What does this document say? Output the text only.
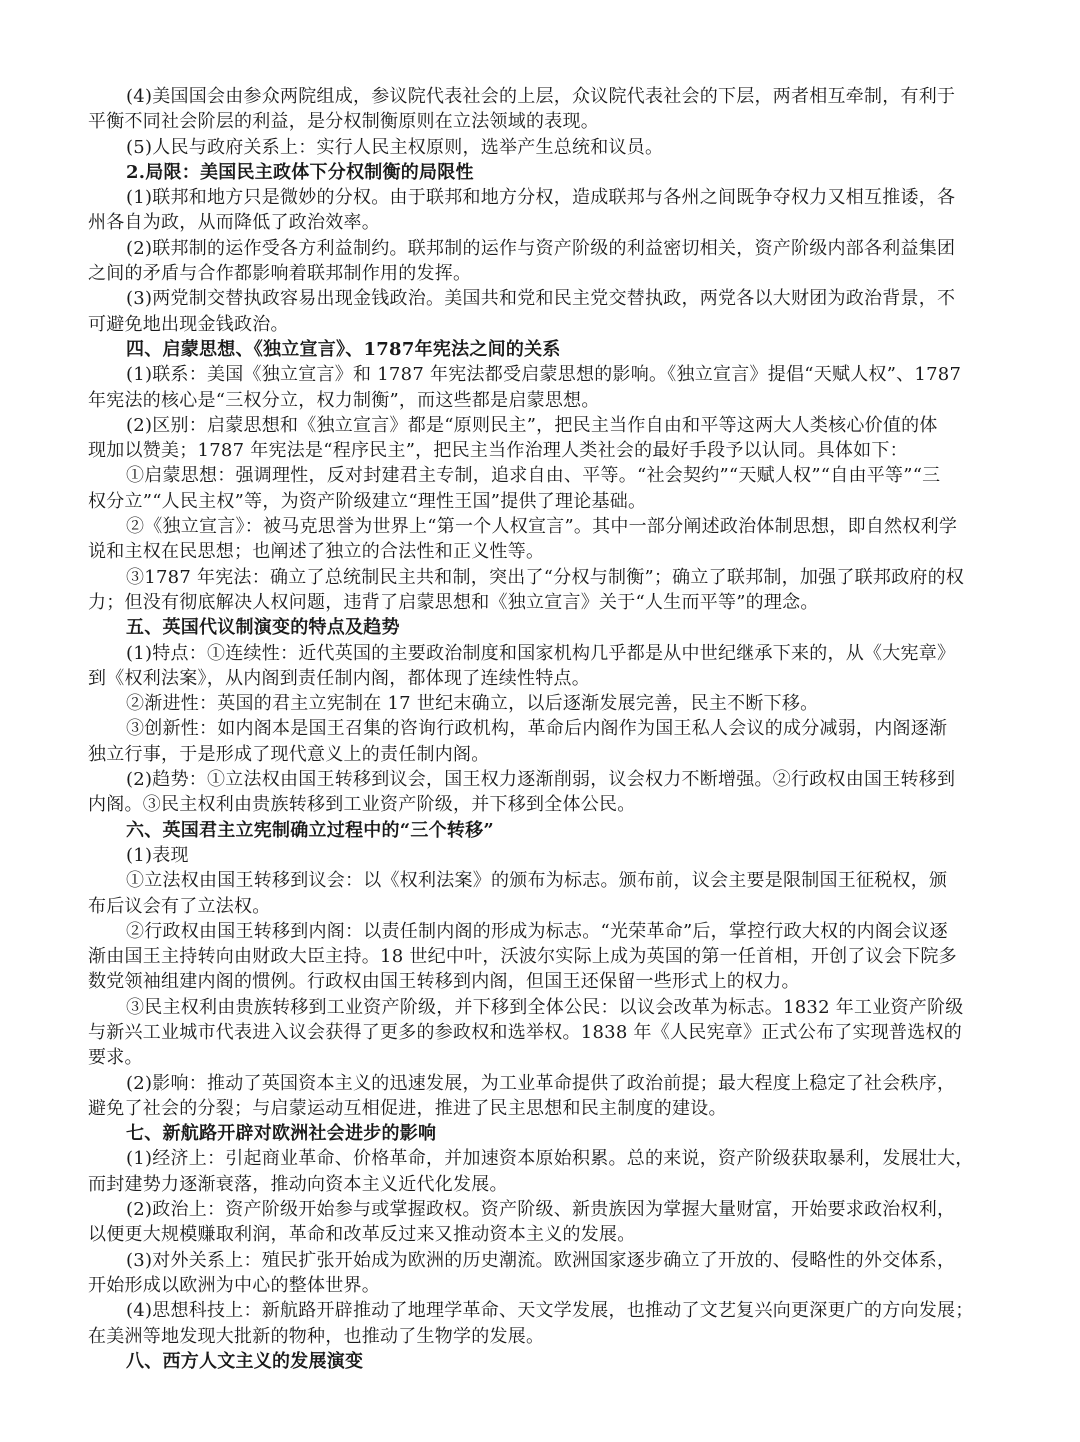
(4)美国国会由参众两院组成，参议院代表社会的上层，众议院代表社会的下层，两者相互牵制，有利于
平衡不同社会阶层的利益，是分权制衡原则在立法领域的表现。
(5)人民与政府关系上：实行人民主权原则，选举产生总统和议员。
2.局限：美国民主政体下分权制衡的局限性
(1)联邦和地方只是微妙的分权。由于联邦和地方分权，造成联邦与各州之间既争夺权力又相互推诿，各
州各自为政，从而降低了政治效率。
(2)联邦制的运作受各方利益制约。联邦制的运作与资产阶级的利益密切相关，资产阶级内部各利益集团
之间的矛盾与合作都影响着联邦制作用的发挥。
(3)两党制交替执政容易出现金钱政治。美国共和党和民主党交替执政，两党各以大财团为政治背景，不
可避免地出现金钱政治。
四、启蒙思想、《独立宣言》、1787年宪法之间的关系
(1)联系：美国《独立宣言》和 1787 年宪法都受启蒙思想的影响。《独立宣言》提倡“天赋人权”、1787
年宪法的核心是“三权分立，权力制衡”，而这些都是启蒙思想。
(2)区别：启蒙思想和《独立宣言》都是“原则民主”，把民主当作自由和平等这两大人类核心价值的体
现加以赞美；1787 年宪法是“程序民主”，把民主当作治理人类社会的最好手段予以认同。具体如下：
①启蒙思想：强调理性，反对封建君主专制，追求自由、平等。“社会契约”“天赋人权”“自由平等”“三
权分立”“人民主权”等，为资产阶级建立“理性王国”提供了理论基础。
②《独立宣言》：被马克思誉为世界上“第一个人权宣言”。其中一部分阐述政治体制思想，即自然权利学
说和主权在民思想；也阐述了独立的合法性和正义性等。
③1787 年宪法：确立了总统制民主共和制，突出了“分权与制衡”；确立了联邦制，加强了联邦政府的权
力；但没有彻底解决人权问题，违背了启蒙思想和《独立宣言》关于“人生而平等”的理念。
五、英国代议制演变的特点及趋势
(1)特点：①连续性：近代英国的主要政治制度和国家机构几乎都是从中世纪继承下来的，从《大宪章》
到《权利法案》，从内阁到责任制内阁，都体现了连续性特点。
②渐进性：英国的君主立宪制在 17 世纪末确立，以后逐渐发展完善，民主不断下移。
③创新性：如内阁本是国王召集的咨询行政机构，革命后内阁作为国王私人会议的成分减弱，内阁逐渐
独立行事，于是形成了现代意义上的责任制内阁。
(2)趋势：①立法权由国王转移到议会，国王权力逐渐削弱，议会权力不断增强。②行政权由国王转移到
内阁。③民主权利由贵族转移到工业资产阶级，并下移到全体公民。
六、英国君主立宪制确立过程中的“三个转移”
(1)表现
①立法权由国王转移到议会：以《权利法案》的颁布为标志。颁布前，议会主要是限制国王征税权，颁
布后议会有了立法权。
②行政权由国王转移到内阁：以责任制内阁的形成为标志。“光荣革命”后，掌控行政大权的内阁会议逐
渐由国王主持转向由财政大臣主持。18 世纪中叶，沃波尔实际上成为英国的第一任首相，开创了议会下院多
数党领袖组建内阁的惯例。行政权由国王转移到内阁，但国王还保留一些形式上的权力。
③民主权利由贵族转移到工业资产阶级，并下移到全体公民：以议会改革为标志。1832 年工业资产阶级
与新兴工业城市代表进入议会获得了更多的参政权和选举权。1838 年《人民宪章》正式公布了实现普选权的
要求。
(2)影响：推动了英国资本主义的迅速发展，为工业革命提供了政治前提；最大程度上稳定了社会秩序，
避免了社会的分裂；与启蒙运动互相促进，推进了民主思想和民主制度的建设。
七、新航路开辟对欧洲社会进步的影响
(1)经济上：引起商业革命、价格革命，并加速资本原始积累。总的来说，资产阶级获取暴利，发展壮大，
而封建势力逐渐衰落，推动向资本主义近代化发展。
(2)政治上：资产阶级开始参与或掌握政权。资产阶级、新贵族因为掌握大量财富，开始要求政治权利，
以便更大规模赚取利润，革命和改革反过来又推动资本主义的发展。
(3)对外关系上：殖民扩张开始成为欧洲的历史潮流。欧洲国家逐步确立了开放的、侵略性的外交体系，
开始形成以欧洲为中心的整体世界。
(4)思想科技上：新航路开辟推动了地理学革命、天文学发展，也推动了文艺复兴向更深更广的方向发展；
在美洲等地发现大批新的物种，也推动了生物学的发展。
八、西方人文主义的发展演变
